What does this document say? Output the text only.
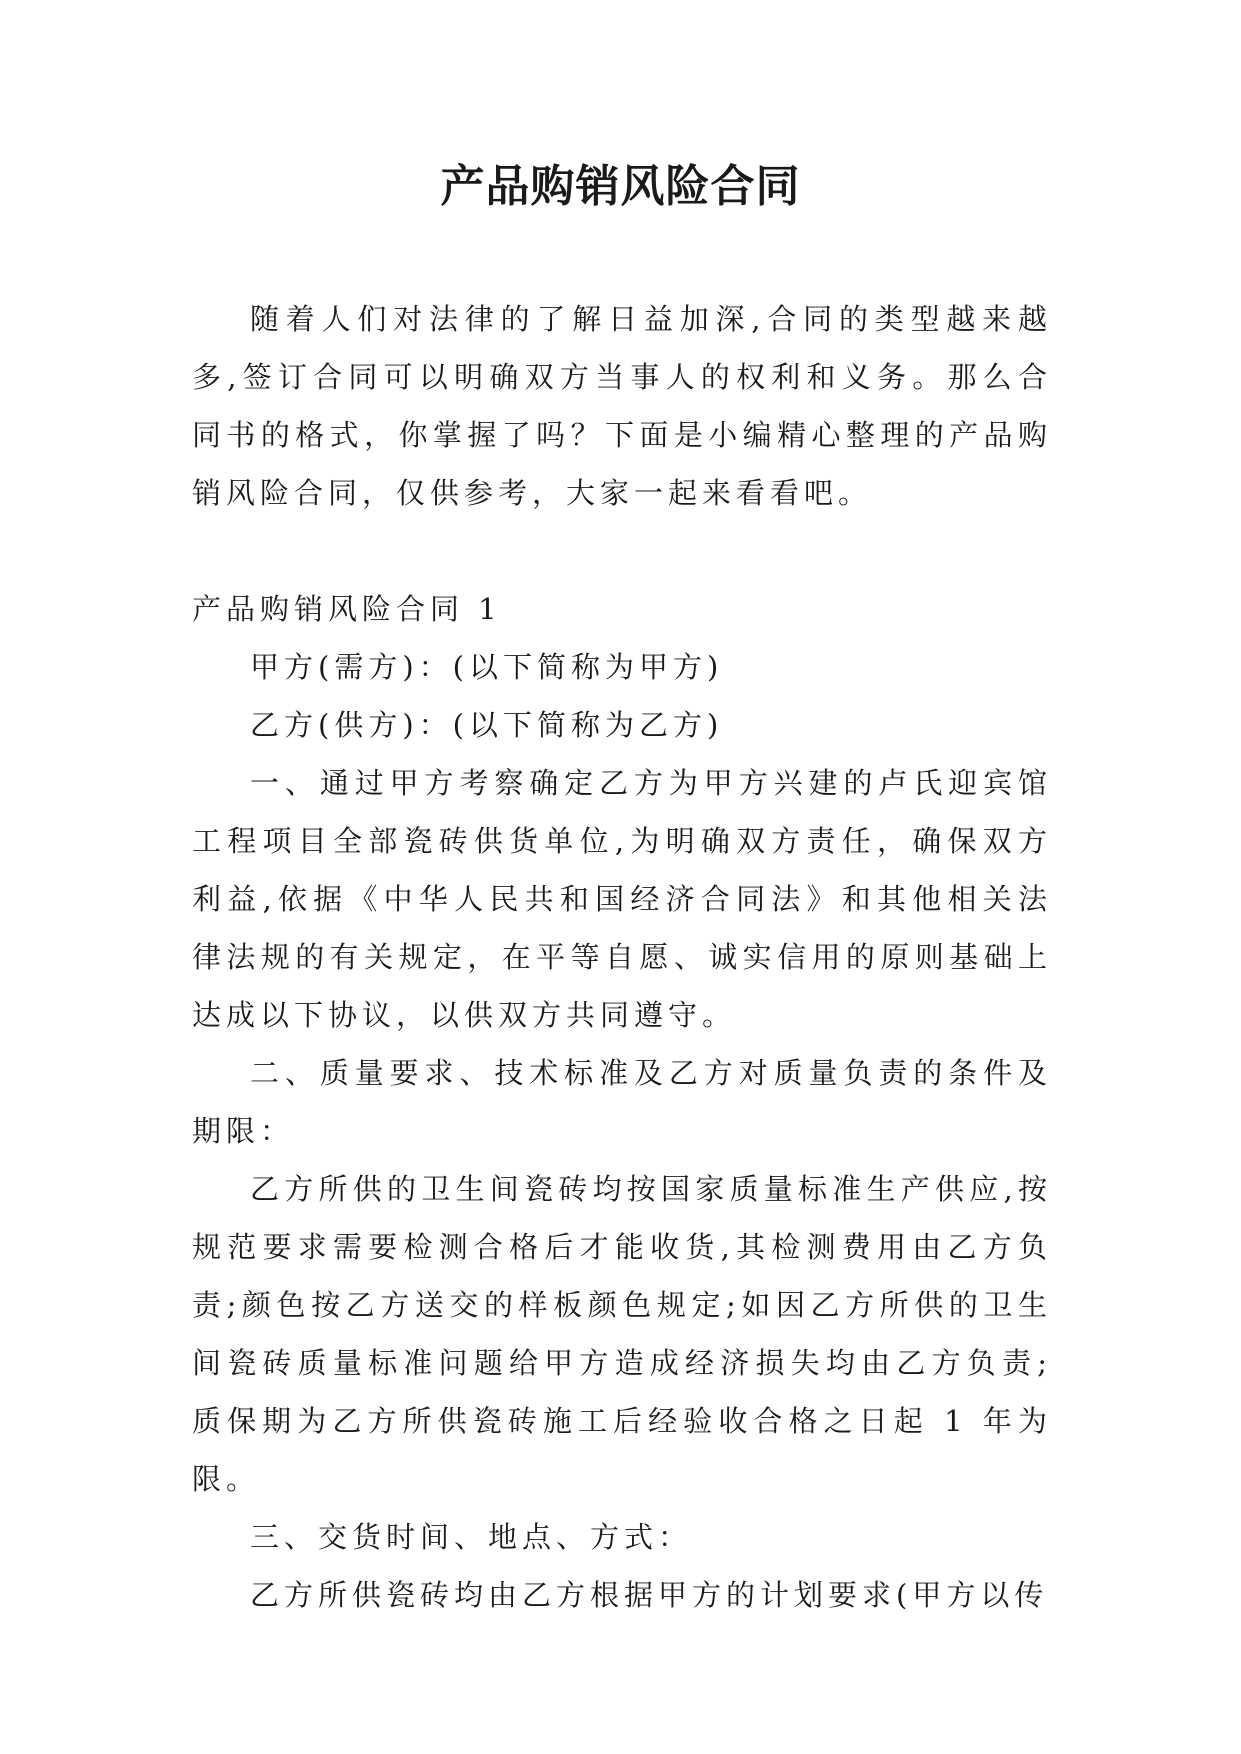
产品购销风险合同

随着人们对法律的了解日益加深,合同的类型越来越多,签订合同可以明确双方当事人的权利和义务。那么合同书的格式，你掌握了吗？下面是小编精心整理的产品购销风险合同，仅供参考，大家一起来看看吧。

产品购销风险合同 1

甲方(需方)：(以下简称为甲方)

乙方(供方)：(以下简称为乙方)

一、通过甲方考察确定乙方为甲方兴建的卢氏迎宾馆工程项目全部瓷砖供货单位,为明确双方责任，确保双方利益,依据《中华人民共和国经济合同法》和其他相关法律法规的有关规定，在平等自愿、诚实信用的原则基础上达成以下协议，以供双方共同遵守。

二、质量要求、技术标准及乙方对质量负责的条件及期限：

乙方所供的卫生间瓷砖均按国家质量标准生产供应,按规范要求需要检测合格后才能收货,其检测费用由乙方负责;颜色按乙方送交的样板颜色规定;如因乙方所供的卫生间瓷砖质量标准问题给甲方造成经济损失均由乙方负责;质保期为乙方所供瓷砖施工后经验收合格之日起 1 年为限。

三、交货时间、地点、方式：

乙方所供瓷砖均由乙方根据甲方的计划要求(甲方以传
